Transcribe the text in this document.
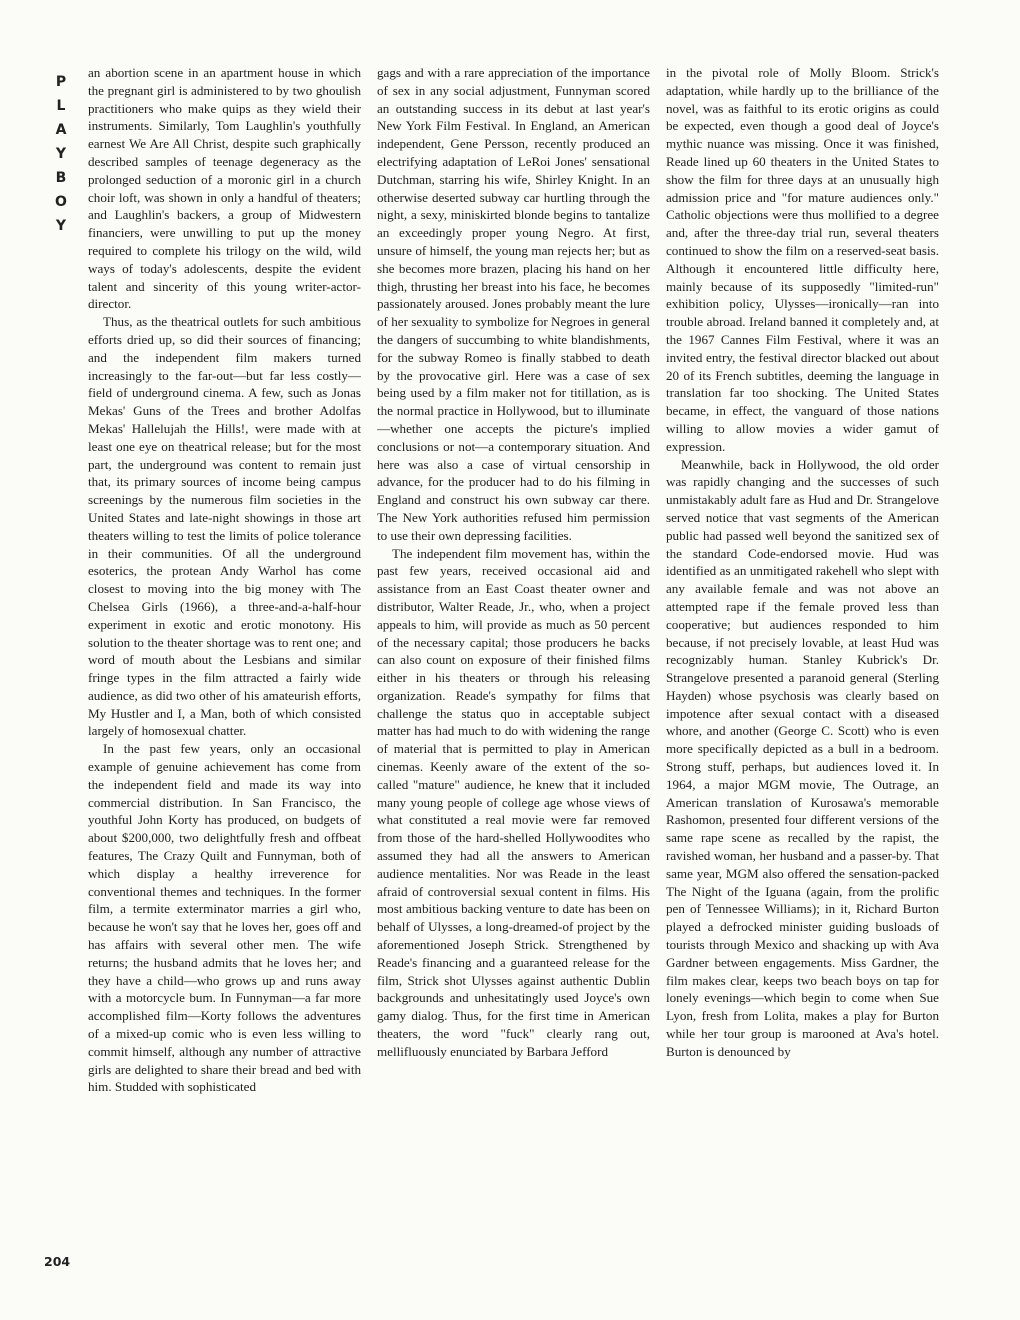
P
L
A
Y
B
O
Y
204

an abortion scene in an apartment house in which the pregnant girl is administered to by two ghoulish practitioners who make quips as they wield their instruments. Similarly, Tom Laughlin's youthfully earnest We Are All Christ, despite such graphically described samples of teenage degeneracy as the prolonged seduction of a moronic girl in a church choir loft, was shown in only a handful of theaters; and Laughlin's backers, a group of Midwestern financiers, were unwilling to put up the money required to complete his trilogy on the wild, wild ways of today's adolescents, despite the evident talent and sincerity of this young writer-actor-director.

Thus, as the theatrical outlets for such ambitious efforts dried up, so did their sources of financing; and the independent film makers turned increasingly to the far-out—but far less costly—field of underground cinema. A few, such as Jonas Mekas' Guns of the Trees and brother Adolfas Mekas' Hallelujah the Hills!, were made with at least one eye on theatrical release; but for the most part, the underground was content to remain just that, its primary sources of income being campus screenings by the numerous film societies in the United States and late-night showings in those art theaters willing to test the limits of police tolerance in their communities. Of all the underground esoterics, the protean Andy Warhol has come closest to moving into the big money with The Chelsea Girls (1966), a three-and-a-half-hour experiment in exotic and erotic monotony. His solution to the theater shortage was to rent one; and word of mouth about the Lesbians and similar fringe types in the film attracted a fairly wide audience, as did two other of his amateurish efforts, My Hustler and I, a Man, both of which consisted largely of homosexual chatter.

In the past few years, only an occasional example of genuine achievement has come from the independent field and made its way into commercial distribution. In San Francisco, the youthful John Korty has produced, on budgets of about $200,000, two delightfully fresh and offbeat features, The Crazy Quilt and Funnyman, both of which display a healthy irreverence for conventional themes and techniques. In the former film, a termite exterminator marries a girl who, because he won't say that he loves her, goes off and has affairs with several other men. The wife returns; the husband admits that he loves her; and they have a child—who grows up and runs away with a motorcycle bum. In Funnyman—a far more accomplished film—Korty follows the adventures of a mixed-up comic who is even less willing to commit himself, although any number of attractive girls are delighted to share their bread and bed with him. Studded with sophisticated

gags and with a rare appreciation of the importance of sex in any social adjustment, Funnyman scored an outstanding success in its debut at last year's New York Film Festival. In England, an American independent, Gene Persson, recently produced an electrifying adaptation of LeRoi Jones' sensational Dutchman, starring his wife, Shirley Knight. In an otherwise deserted subway car hurtling through the night, a sexy, miniskirted blonde begins to tantalize an exceedingly proper young Negro. At first, unsure of himself, the young man rejects her; but as she becomes more brazen, placing his hand on her thigh, thrusting her breast into his face, he becomes passionately aroused. Jones probably meant the lure of her sexuality to symbolize for Negroes in general the dangers of succumbing to white blandishments, for the subway Romeo is finally stabbed to death by the provocative girl. Here was a case of sex being used by a film maker not for titillation, as is the normal practice in Hollywood, but to illuminate—whether one accepts the picture's implied conclusions or not—a contemporary situation. And here was also a case of virtual censorship in advance, for the producer had to do his filming in England and construct his own subway car there. The New York authorities refused him permission to use their own depressing facilities.

The independent film movement has, within the past few years, received occasional aid and assistance from an East Coast theater owner and distributor, Walter Reade, Jr., who, when a project appeals to him, will provide as much as 50 percent of the necessary capital; those producers he backs can also count on exposure of their finished films either in his theaters or through his releasing organization. Reade's sympathy for films that challenge the status quo in acceptable subject matter has had much to do with widening the range of material that is permitted to play in American cinemas. Keenly aware of the extent of the so-called "mature" audience, he knew that it included many young people of college age whose views of what constituted a real movie were far removed from those of the hard-shelled Hollywoodites who assumed they had all the answers to American audience mentalities. Nor was Reade in the least afraid of controversial sexual content in films. His most ambitious backing venture to date has been on behalf of Ulysses, a long-dreamed-of project by the aforementioned Joseph Strick. Strengthened by Reade's financing and a guaranteed release for the film, Strick shot Ulysses against authentic Dublin backgrounds and unhesitatingly used Joyce's own gamy dialog. Thus, for the first time in American theaters, the word "fuck" clearly rang out, mellifluously enunciated by Barbara Jefford

in the pivotal role of Molly Bloom. Strick's adaptation, while hardly up to the brilliance of the novel, was as faithful to its erotic origins as could be expected, even though a good deal of Joyce's mythic nuance was missing. Once it was finished, Reade lined up 60 theaters in the United States to show the film for three days at an unusually high admission price and "for mature audiences only." Catholic objections were thus mollified to a degree and, after the three-day trial run, several theaters continued to show the film on a reserved-seat basis. Although it encountered little difficulty here, mainly because of its supposedly "limited-run" exhibition policy, Ulysses—ironically—ran into trouble abroad. Ireland banned it completely and, at the 1967 Cannes Film Festival, where it was an invited entry, the festival director blacked out about 20 of its French subtitles, deeming the language in translation far too shocking. The United States became, in effect, the vanguard of those nations willing to allow movies a wider gamut of expression.

Meanwhile, back in Hollywood, the old order was rapidly changing and the successes of such unmistakably adult fare as Hud and Dr. Strangelove served notice that vast segments of the American public had passed well beyond the sanitized sex of the standard Code-endorsed movie. Hud was identified as an unmitigated rakehell who slept with any available female and was not above an attempted rape if the female proved less than cooperative; but audiences responded to him because, if not precisely lovable, at least Hud was recognizably human. Stanley Kubrick's Dr. Strangelove presented a paranoid general (Sterling Hayden) whose psychosis was clearly based on impotence after sexual contact with a diseased whore, and another (George C. Scott) who is even more specifically depicted as a bull in a bedroom. Strong stuff, perhaps, but audiences loved it. In 1964, a major MGM movie, The Outrage, an American translation of Kurosawa's memorable Rashomon, presented four different versions of the same rape scene as recalled by the rapist, the ravished woman, her husband and a passer-by. That same year, MGM also offered the sensation-packed The Night of the Iguana (again, from the prolific pen of Tennessee Williams); in it, Richard Burton played a defrocked minister guiding busloads of tourists through Mexico and shacking up with Ava Gardner between engagements. Miss Gardner, the film makes clear, keeps two beach boys on tap for lonely evenings—which begin to come when Sue Lyon, fresh from Lolita, makes a play for Burton while her tour group is marooned at Ava's hotel. Burton is denounced by
